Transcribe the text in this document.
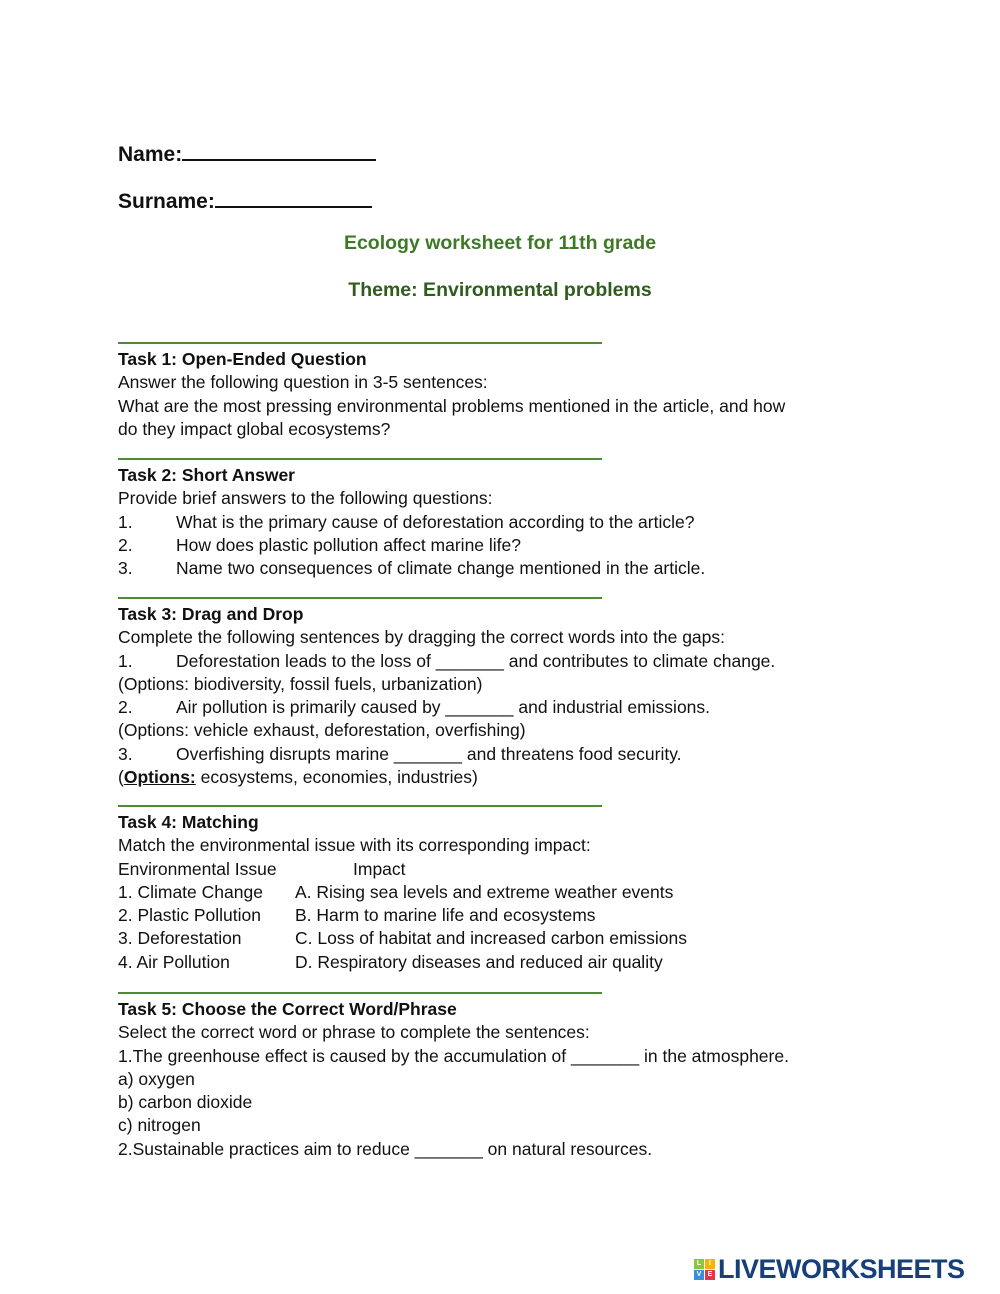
Name:
Surname:
Ecology worksheet for 11th grade
Theme: Environmental problems
Task 1: Open-Ended Question
Answer the following question in 3-5 sentences:
What are the most pressing environmental problems mentioned in the article, and how
do they impact global ecosystems?
Task 2: Short Answer
Provide brief answers to the following questions:
1. What is the primary cause of deforestation according to the article?
2. How does plastic pollution affect marine life?
3. Name two consequences of climate change mentioned in the article.
Task 3: Drag and Drop
Complete the following sentences by dragging the correct words into the gaps:
1. Deforestation leads to the loss of _______ and contributes to climate change.
(Options: biodiversity, fossil fuels, urbanization)
2. Air pollution is primarily caused by _______ and industrial emissions.
(Options: vehicle exhaust, deforestation, overfishing)
3. Overfishing disrupts marine _______ and threatens food security.
(Options: ecosystems, economies, industries)
Task 4: Matching
Match the environmental issue with its corresponding impact:
Environmental Issue	Impact
1. Climate Change	A. Rising sea levels and extreme weather events
2. Plastic Pollution	B. Harm to marine life and ecosystems
3. Deforestation	C. Loss of habitat and increased carbon emissions
4. Air Pollution	D. Respiratory diseases and reduced air quality
Task 5: Choose the Correct Word/Phrase
Select the correct word or phrase to complete the sentences:
1.The greenhouse effect is caused by the accumulation of _______ in the atmosphere.
a) oxygen
b) carbon dioxide
c) nitrogen
2.Sustainable practices aim to reduce _______ on natural resources.
L	I
V E LIVEWORKSHEETS
